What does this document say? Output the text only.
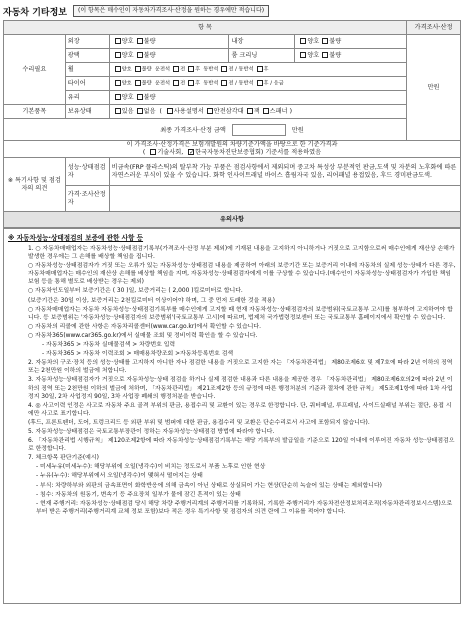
자동차 기타정보	(이 항목은 매수인이 자동차가격조사·산정을 원하는 경우에만 적습니다)
항 목					가격조사·산정
수리필요	외장	양호 불량	내장	양호 불량	만원
	광택	양호 불량	룸 크리닝	양호 불량	
	휠	양호 불량 운전석 전 후 동반석 전 / 동반석 후			
	타이어	양호 불량 운전석 전 후 동반석 전 / 동반석 후 / 응급			
	유리	양호 불량			
기본품목	보유상태	있음 없음  ( 사용설명서 안전삼각대 잭 스패너 )			
최종 가격조사·산정 금액 만원					

이 가격조사·산정가격은 보험개발원의 차량기준가액을 바탕으로 한 기준가격과
( 기술사회, ✓한국자동차진단보증협회) 기준서를 적용하였음

※ 특기사항 및 점검자의 의견	성능·상태점검자	비금속(FRP 플라스틱)의 탈부착 가능 부품은 점검사항에서 제외되며 중고차 특성상 부분적인 판금,도색 및 자분의 노후화에 따른 자연스러운 부식이 있을 수 있습니다. 화학 인사이트래널 바이스 흡림자국 있음, 리어패널 용접있음, 후드 경미판금도색.			
	가격·조사산정자				
유의사항					
※ 자동차성능·상태점검의 보증에 관한 사항 등
1. ○ 자동차매매업자는 자동차성능·상태점검기록부(가격조사·산정 부분 제외)에 기재된 내용을 고지하지 아니하거나 거짓으로 고지함으로써 매수인에게 재산상 손해가 발생한 경우에는 그 손해를 배상할 책임을 집니다.
○ 자동차성능·상태점검자가 거짓 또는 오류가 있는 자동차성능·상태점검 내용을 제공하여 아래의 보증기간 또는 보증거리 이내에 자동차의 실제 성능·상태가 다른 경우, 자동차매매업자는 매수인의 재산상 손해를 배상할 책임을 지며, 자동차성능·상태점검자에게 이를 구상할 수 있습니다.(매수인이 자동차성능·상태점검자가 가입한 책임보험 등을 통해 별도로 배상받는 경우는 제외)
○ 자동차인도일부터 보증기간은 ( 30 )일, 보증거리는 ( 2,000 )킬로미터로 합니다.
(보증기간은 30일 이상, 보증거리는 2천킬로미터 이상이어야 하며, 그 중 먼저 도래한 것을 적용)
○ 자동차매매업자는 자동차 자동차성능·상태점검기록부를 매수인에게 고지할 때 현재 자동차성능·상태점검자의 보증범위(국토교통부 고시)를 첨부하여 고지하여야 합니다. 등 보증범위는 '자동차성능·상태점검자의 보증범위'(국토교통부 고시)에 따르며, 법제처 국가법령정보센터 또는 국토교통부 홈페이지에서 확인할 수 있습니다.
○ 자동차의 리콜에 관한 사항은 자동차리콜센터(www.car.go.kr)에서 확인할 수 있습니다.
○ 자동차365(www.car365.go.kr)에서 실매물 조회 및 정비이력 확인을 할 수 있습니다.
- 자동차365 > 자동차 실매물검색 > 차량번호 입력
- 자동차365 > 자동차 이력조회 > 매매용차량조회 >자동차등록번호 검색
2. 자동차의 구조·장치 등의 성능·상태를 고지하지 아니한 자나 점검한 내용을 거짓으로 고지한 자는 「자동차관리법」 제80조제6호 및 제7호에 따라 2년 이하의 징역 또는 2천만원 이하의 벌금에 처합니다.
3. 자동차성능·상태점검자가 거짓으로 자동차성능·상태 점검을 하거나 실제 점검한 내용과 다른 내용을 제공한 경우 「자동차관리법」 제80조제6호의2에 따라 2년 이하의 징역 또는 2천만원 이하의 벌금에 처하며, 「자동차관리법」 제21조제2항 등의 규정에 따른 행정처분의 기준과 절차에 관한 규칙」 제5조제1항에 따라 1차 사업정지 30일, 2차 사업정지 90일, 3차 사업장 폐쇄의 행정처분을 받습니다.
4. ◎ 사고이력 인정은 사고로 자동차 주요 골격 부위의 판금, 용접수리 및 교환이 있는 경우로 한정합니다. 단, 쿼터패널, 루프패널, 사이드실패널 부위는 절단, 용접 시에만 사고로 표기합니다.
(후드, 프론트펜더, 도어, 트렁크리드 등 외판 부위 및 범퍼에 대한 판금, 용접수리 및 교환은 단순수리로서 사고에 포함되지 않습니다).
5. 자동차성능·상태점검은 국토교통부장관이 정하는 자동차성능·상태점검 방법에 따라야 합니다.
6. 「자동차관리법 시행규칙」 제120조제2항에 따라 자동차성능·상태점검기록부는 해당 기록부의 발급일을 기준으로 120일 이내에 이루어진 자동차 성능·상태점검으로 한정합니다.
7. 체크항목 판단기준(예시)
- 미세누유(미세누수): 해당부위에 오일(냉각수)이 비치는 정도로서 부품 노후로 인한 현상
- 누유(누수): 해당부위에서 오일(냉각수)이 맺혀서 떨어지는 상태
- 부식: 차량하부와 외판의 금속표면이 화학반응에 의해 금속이 아닌 상태로 상실되어 가는 현상(단순히 녹슬어 있는 상태는 제외합니다)
- 침수: 자동차의 원동기, 변속기 등 주요장치 일부가 물에 잠긴 흔적이 있는 상태
- 현재 주행거리: 자동차성능·상태점검 당시 해당 차량 주행거리계의 주행거리를 기록하되, 기록한 주행거리가 자동차전산정보처리조직(자동차관리정보시스템)으로부터 받은 주행거리(주행거리계 교체 정보 포함)보다 적은 경우 특기사항 및 점검자의 의견 란에 그 이유를 적어야 합니다.
